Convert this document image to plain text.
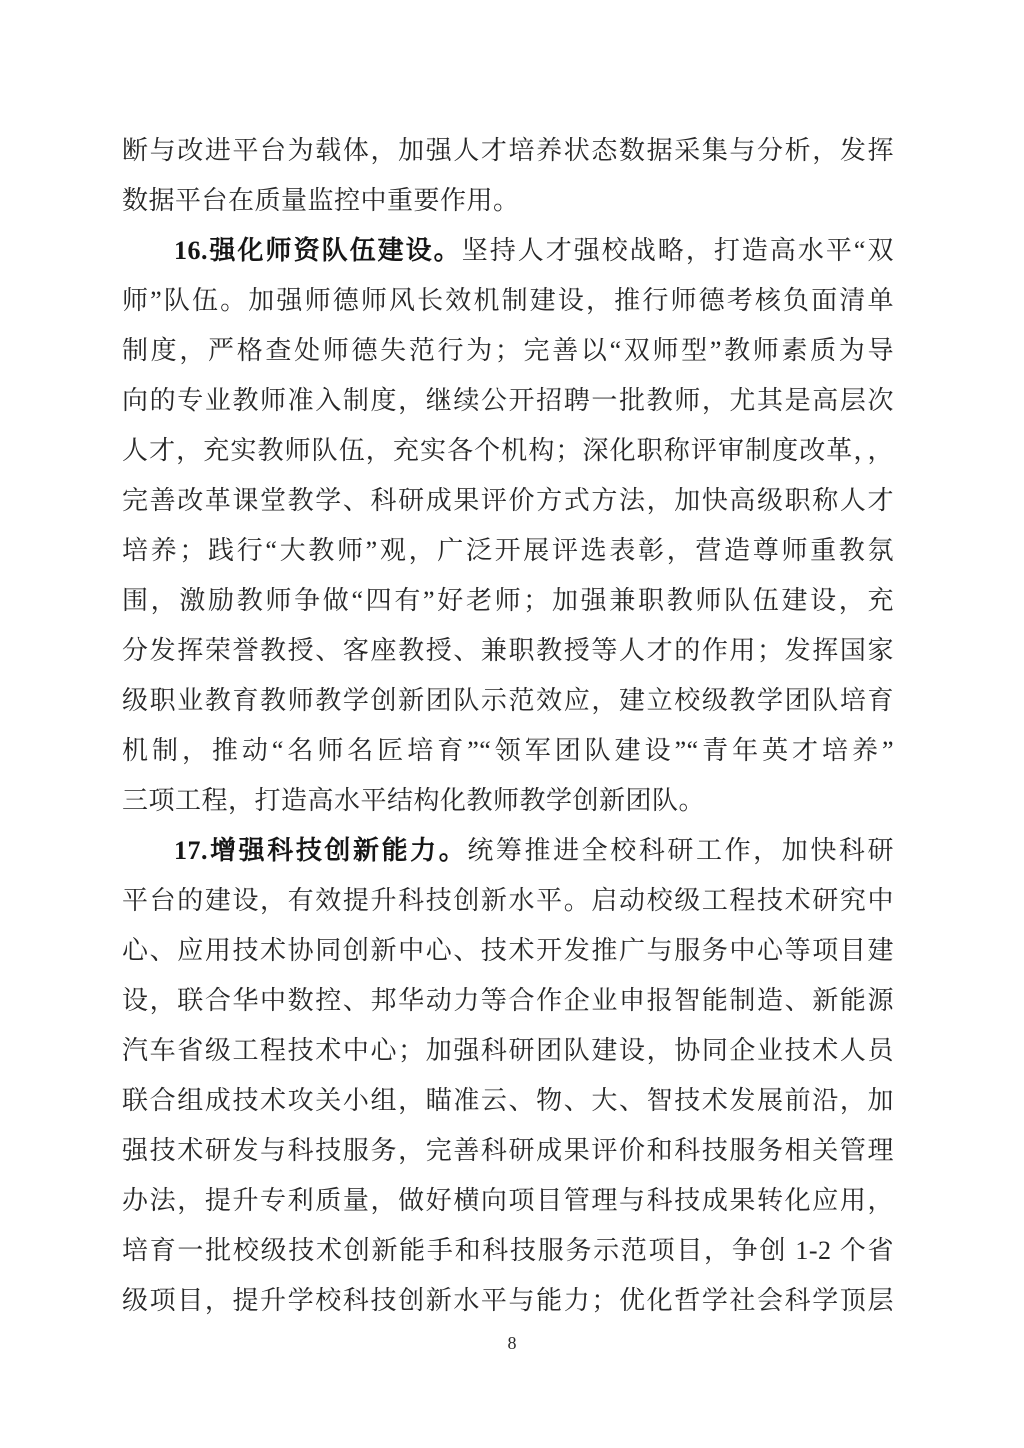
断与改进平台为载体，加强人才培养状态数据采集与分析，发挥
数据平台在质量监控中重要作用。
16.强化师资队伍建设。坚持人才强校战略，打造高水平“双
师”队伍。加强师德师风长效机制建设，推行师德考核负面清单
制度，严格查处师德失范行为；完善以“双师型”教师素质为导
向的专业教师准入制度，继续公开招聘一批教师，尤其是高层次
人才，充实教师队伍，充实各个机构；深化职称评审制度改革，，
完善改革课堂教学、科研成果评价方式方法，加快高级职称人才
培养；践行“大教师”观，广泛开展评选表彰，营造尊师重教氛
围，激励教师争做“四有”好老师；加强兼职教师队伍建设，充
分发挥荣誉教授、客座教授、兼职教授等人才的作用；发挥国家
级职业教育教师教学创新团队示范效应，建立校级教学团队培育
机制，推动“名师名匠培育”“领军团队建设”“青年英才培养”
三项工程，打造高水平结构化教师教学创新团队。
17.增强科技创新能力。统筹推进全校科研工作，加快科研
平台的建设，有效提升科技创新水平。启动校级工程技术研究中
心、应用技术协同创新中心、技术开发推广与服务中心等项目建
设，联合华中数控、邦华动力等合作企业申报智能制造、新能源
汽车省级工程技术中心；加强科研团队建设，协同企业技术人员
联合组成技术攻关小组，瞄准云、物、大、智技术发展前沿，加
强技术研发与科技服务，完善科研成果评价和科技服务相关管理
办法，提升专利质量，做好横向项目管理与科技成果转化应用，
培育一批校级技术创新能手和科技服务示范项目，争创 1-2 个省
级项目，提升学校科技创新水平与能力；优化哲学社会科学顶层
8
